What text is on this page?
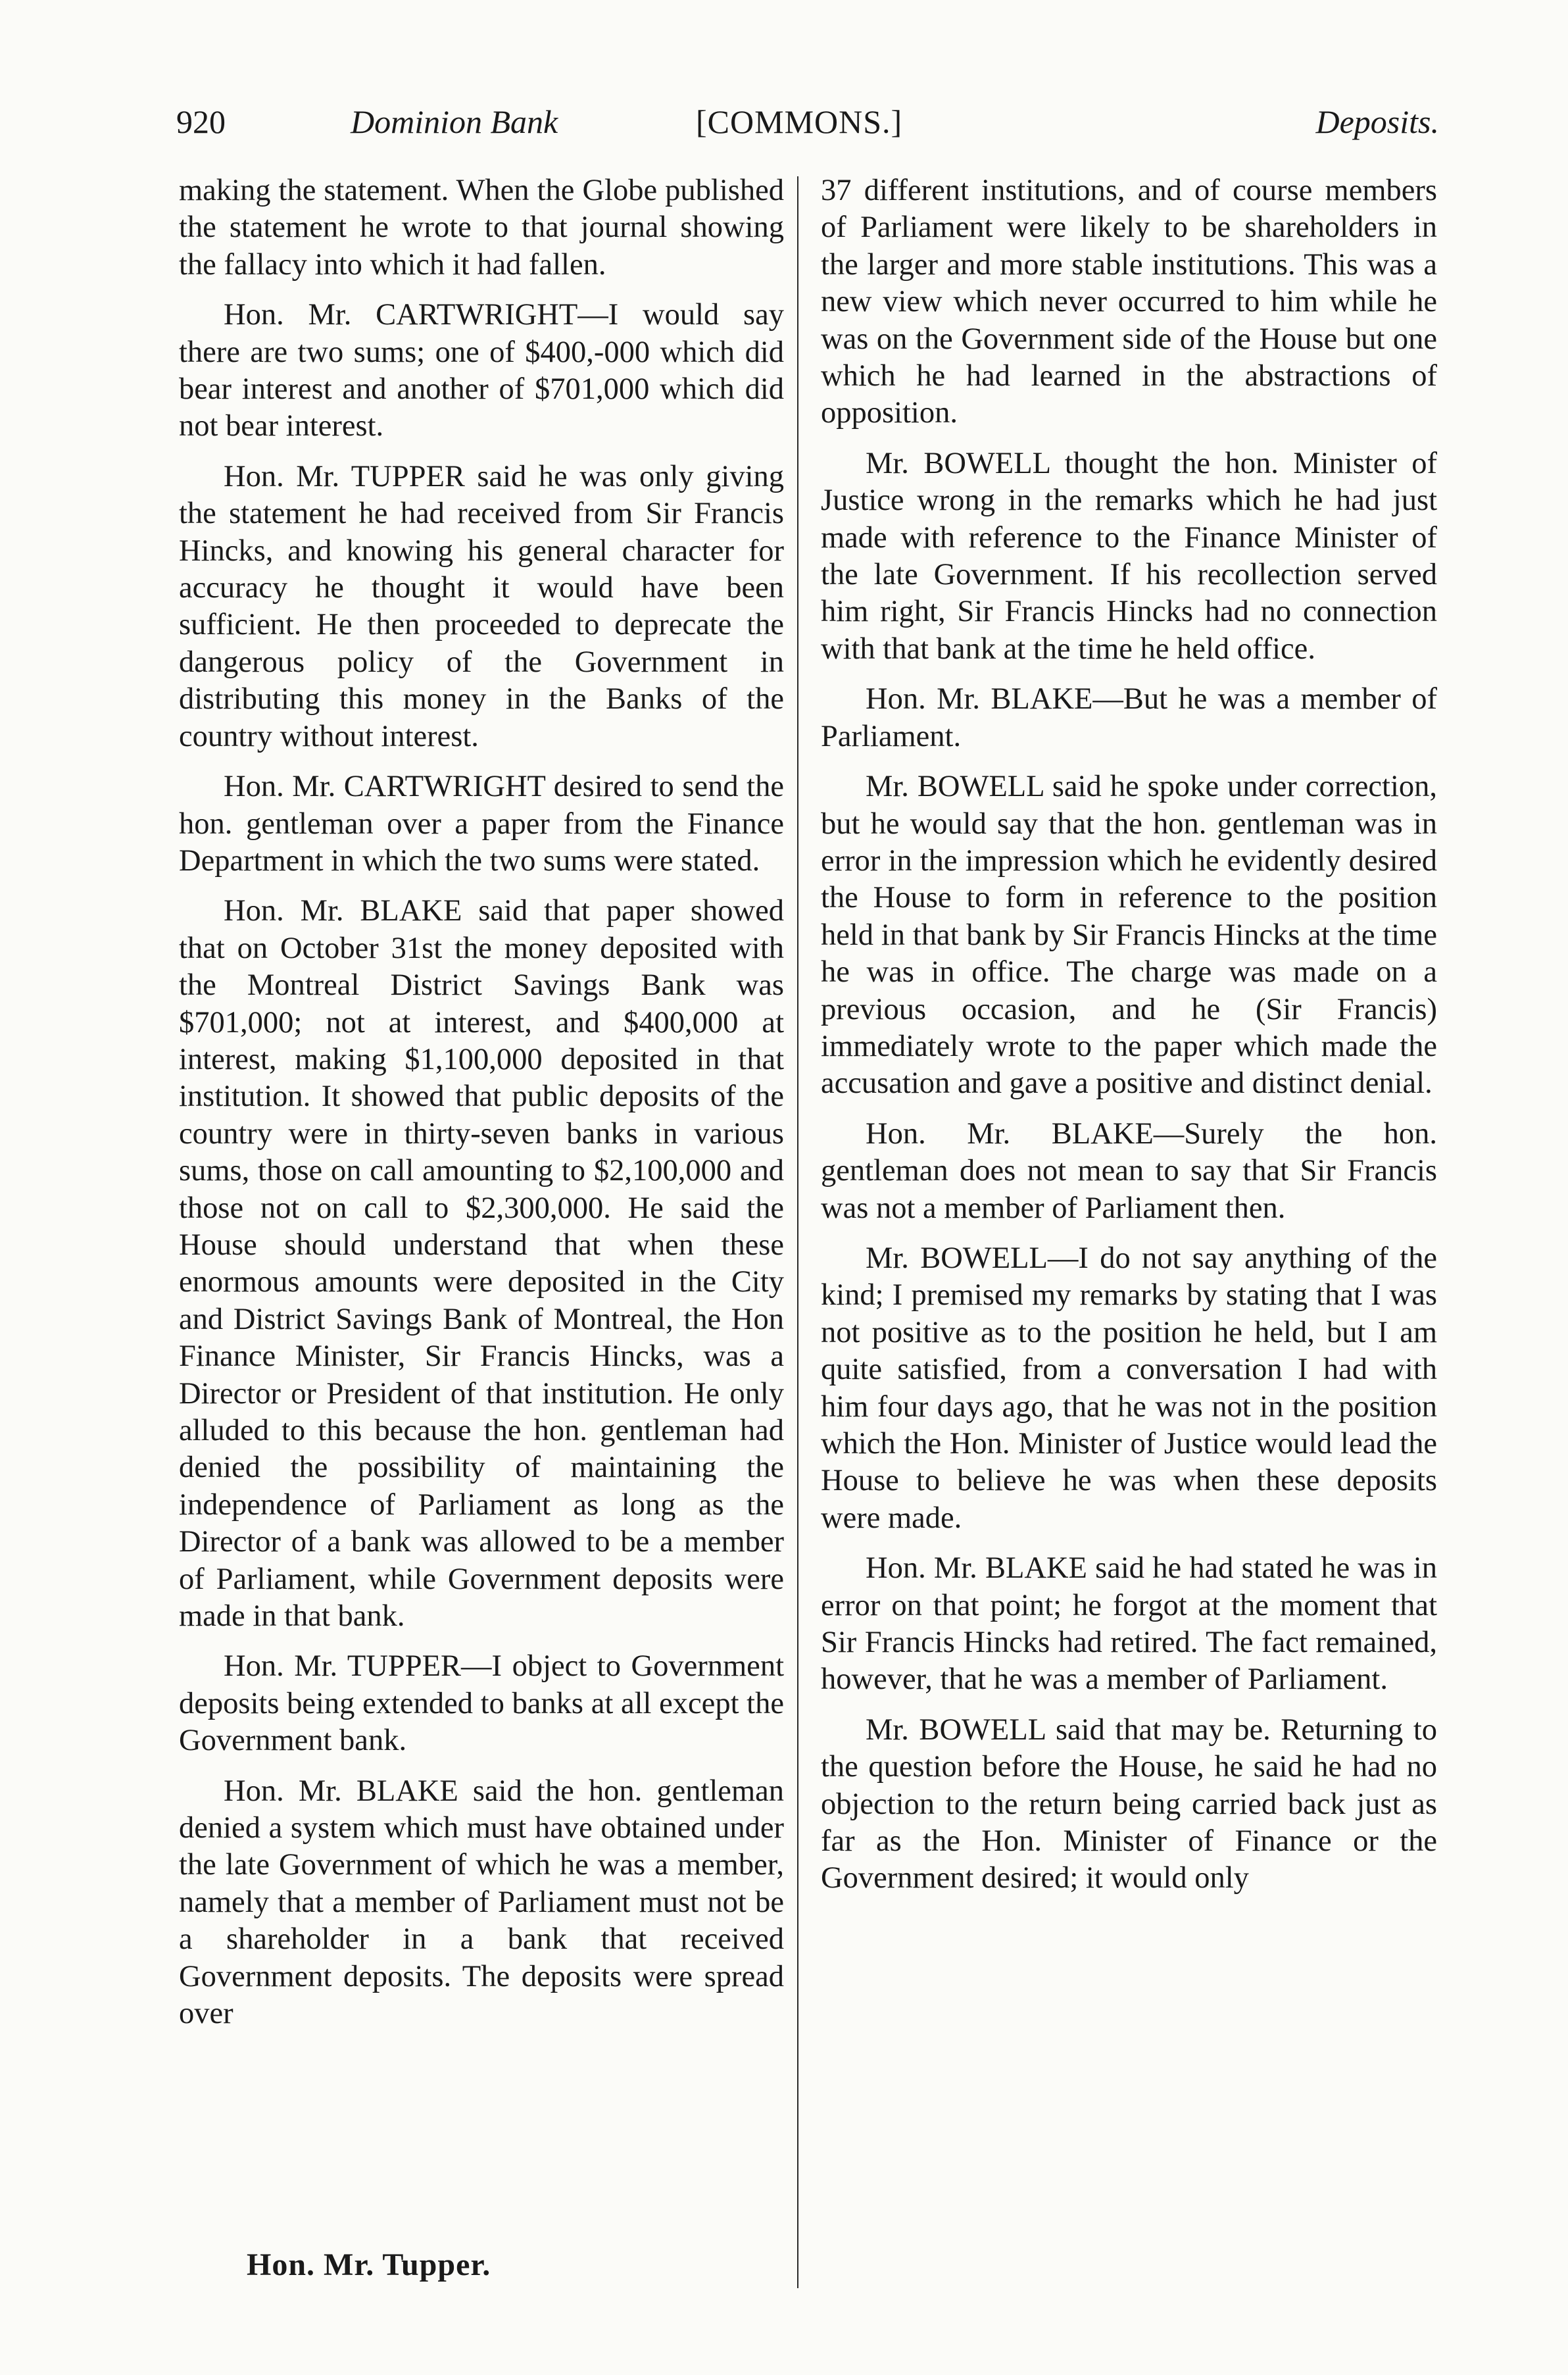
920	Dominion Bank	[COMMONS.]	Deposits.

making the statement. When the Globe published the statement he wrote to that journal showing the fallacy into which it had fallen.

Hon. Mr. CARTWRIGHT—I would say there are two sums; one of $400,-000 which did bear interest and another of $701,000 which did not bear interest.

Hon. Mr. TUPPER said he was only giving the statement he had received from Sir Francis Hincks, and knowing his general character for accuracy he thought it would have been sufficient. He then proceeded to deprecate the dangerous policy of the Government in distributing this money in the Banks of the country without interest.

Hon. Mr. CARTWRIGHT desired to send the hon. gentleman over a paper from the Finance Department in which the two sums were stated.

Hon. Mr. BLAKE said that paper showed that on October 31st the money deposited with the Montreal District Savings Bank was $701,000; not at interest, and $400,000 at interest, making $1,100,000 deposited in that institution. It showed that public deposits of the country were in thirty-seven banks in various sums, those on call amounting to $2,100,000 and those not on call to $2,300,000. He said the House should understand that when these enormous amounts were deposited in the City and District Savings Bank of Montreal, the Hon Finance Minister, Sir Francis Hincks, was a Director or President of that institution. He only alluded to this because the hon. gentleman had denied the possibility of maintaining the independence of Parliament as long as the Director of a bank was allowed to be a member of Parliament, while Government deposits were made in that bank.

Hon. Mr. TUPPER—I object to Government deposits being extended to banks at all except the Government bank.

Hon. Mr. BLAKE said the hon. gentleman denied a system which must have obtained under the late Government of which he was a member, namely that a member of Parliament must not be a shareholder in a bank that received Government deposits. The deposits were spread over

37 different institutions, and of course members of Parliament were likely to be shareholders in the larger and more stable institutions. This was a new view which never occurred to him while he was on the Government side of the House but one which he had learned in the abstractions of opposition.

Mr. BOWELL thought the hon. Minister of Justice wrong in the remarks which he had just made with reference to the Finance Minister of the late Government. If his recollection served him right, Sir Francis Hincks had no connection with that bank at the time he held office.

Hon. Mr. BLAKE—But he was a member of Parliament.

Mr. BOWELL said he spoke under correction, but he would say that the hon. gentleman was in error in the impression which he evidently desired the House to form in reference to the position held in that bank by Sir Francis Hincks at the time he was in office. The charge was made on a previous occasion, and he (Sir Francis) immediately wrote to the paper which made the accusation and gave a positive and distinct denial.

Hon. Mr. BLAKE—Surely the hon. gentleman does not mean to say that Sir Francis was not a member of Parliament then.

Mr. BOWELL—I do not say anything of the kind; I premised my remarks by stating that I was not positive as to the position he held, but I am quite satisfied, from a conversation I had with him four days ago, that he was not in the position which the Hon. Minister of Justice would lead the House to believe he was when these deposits were made.

Hon. Mr. BLAKE said he had stated he was in error on that point; he forgot at the moment that Sir Francis Hincks had retired. The fact remained, however, that he was a member of Parliament.

Mr. BOWELL said that may be. Returning to the question before the House, he said he had no objection to the return being carried back just as far as the Hon. Minister of Finance or the Government desired; it would only

Hon. Mr. Tupper.
